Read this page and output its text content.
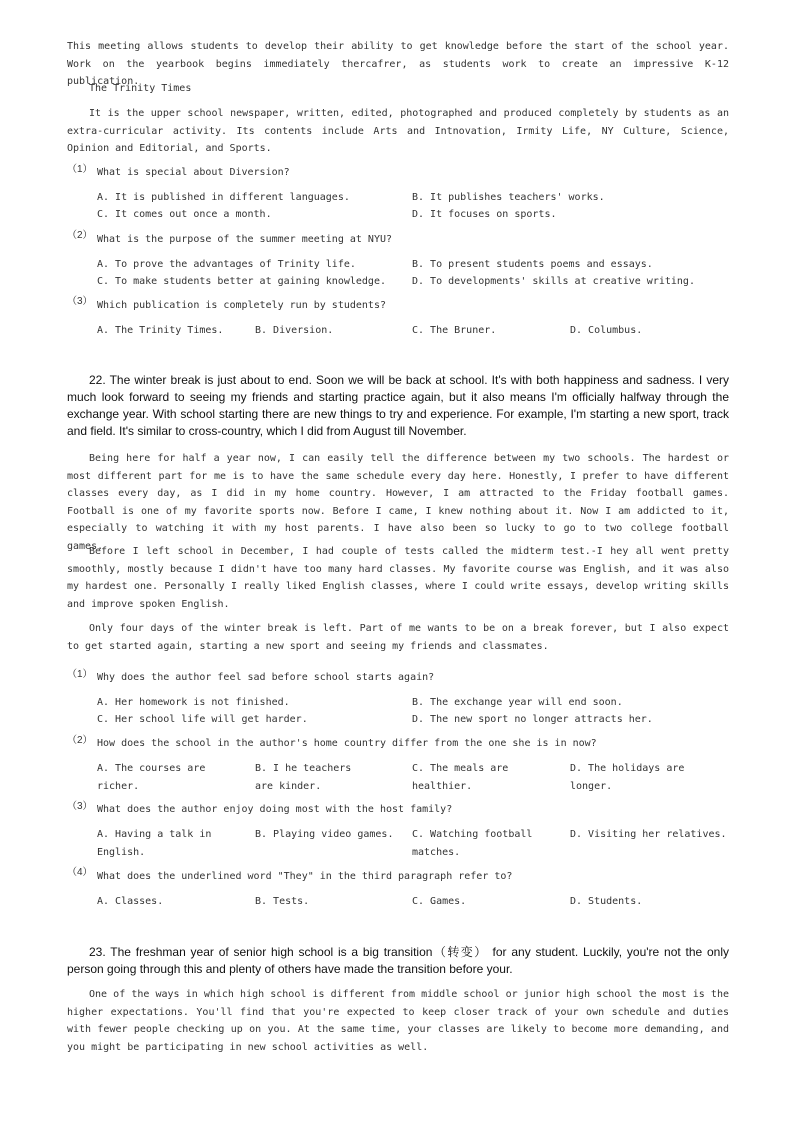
This meeting allows students to develop their ability to get knowledge before the start of the school year. Work on the yearbook begins immediately thercafrer, as students work to create an impressive K-12 publication.

The Trinity Times

It is the upper school newspaper, written, edited, photographed and produced completely by students as an extra-curricular activity. Its contents include Arts and Intnovation, Irmity Life, NY Culture, Science, Opinion and Editorial, and Sports.

（1） What is special about Diversion?

A. It is published in different languages.	B. It publishes teachers' works.

C. It comes out once a month.	D. It focuses on sports.

（2） What is the purpose of the summer meeting at NYU?

A. To prove the advantages of Trinity life.	B. To present students poems and essays.

C. To make students better at gaining knowledge.	D. To developments' skills at creative writing.

（3） Which publication is completely run by students?

A. The Trinity Times.	B. Diversion.	C. The Bruner.	D. Columbus.

22. The winter break is just about to end. Soon we will be back at school. It's with both happiness and sadness. I very much look forward to seeing my friends and starting practice again, but it also means I'm officially halfway through the exchange year. With school starting there are new things to try and experience. For example, I'm starting a new sport, track and field. It's similar to cross-country, which I did from August till November.

Being here for half a year now, I can easily tell the difference between my two schools. The hardest or most different part for me is to have the same schedule every day here. Honestly, I prefer to have different classes every day, as I did in my home country. However, I am attracted to the Friday football games. Football is one of my favorite sports now. Before I came, I knew nothing about it. Now I am addicted to it, especially to watching it with my host parents. I have also been so lucky to go to two college football games.

Before I left school in December, I had couple of tests called the midterm test.-I hey all went pretty smoothly, mostly because I didn't have too many hard classes. My favorite course was English, and it was also my hardest one. Personally I really liked English classes, where I could write essays, develop writing skills and improve spoken English.

Only four days of the winter break is left. Part of me wants to be on a break forever, but I also expect to get started again, starting a new sport and seeing my friends and classmates.

（1） Why does the author feel sad before school starts again?

A. Her homework is not finished.	B. The exchange year will end soon.

C. Her school life will get harder.	D. The new sport no longer attracts her.

（2） How does the school in the author's home country differ from the one she is in now?

A. The courses are richer.

B. I he teachers are kinder.

C. The meals are healthier.

D. The holidays are longer.

（3） What does the author enjoy doing most with the host family?

A. Having a talk in English.

B. Playing video games. C. Watching football matches.

D. Visiting her relatives.

（4） What does the underlined word "They" in the third paragraph refer to?

A. Classes.	B. Tests.	C. Games.	D. Students.

23. The freshman year of senior high school is a big transition（转变） for any student. Luckily, you're not the only person going through this and plenty of others have made the transition before your.

One of the ways in which high school is different from middle school or junior high school the most is the higher expectations. You'll find that you're expected to keep closer track of your own schedule and duties with fewer people checking up on you. At the same time, your classes are likely to become more demanding, and you might be participating in new school activities as well.
